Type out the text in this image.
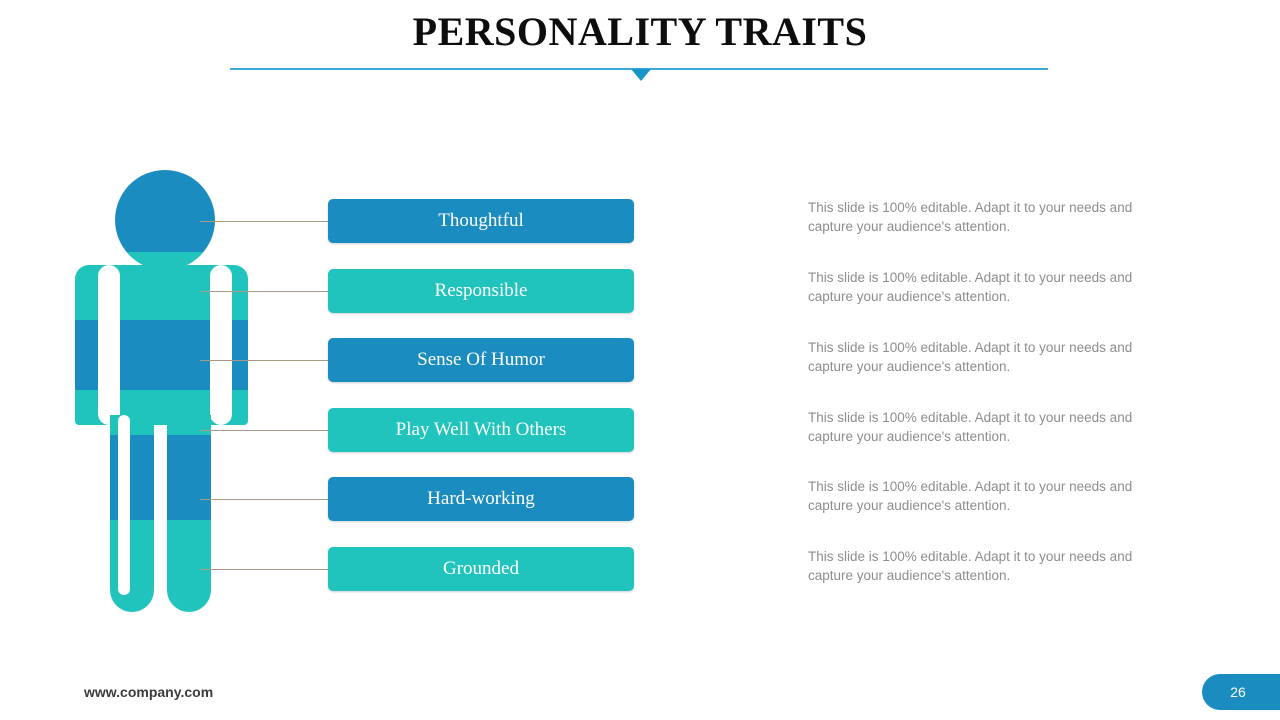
PERSONALITY TRAITS
Thoughtful
Responsible
Sense Of Humor
Play Well With Others
Hard-working
Grounded
This slide is 100% editable. Adapt it to your needs and capture your audience's attention.
This slide is 100% editable. Adapt it to your needs and capture your audience's attention.
This slide is 100% editable. Adapt it to your needs and capture your audience's attention.
This slide is 100% editable. Adapt it to your needs and capture your audience's attention.
This slide is 100% editable. Adapt it to your needs and capture your audience's attention.
This slide is 100% editable. Adapt it to your needs and capture your audience's attention.
www.company.com	26
